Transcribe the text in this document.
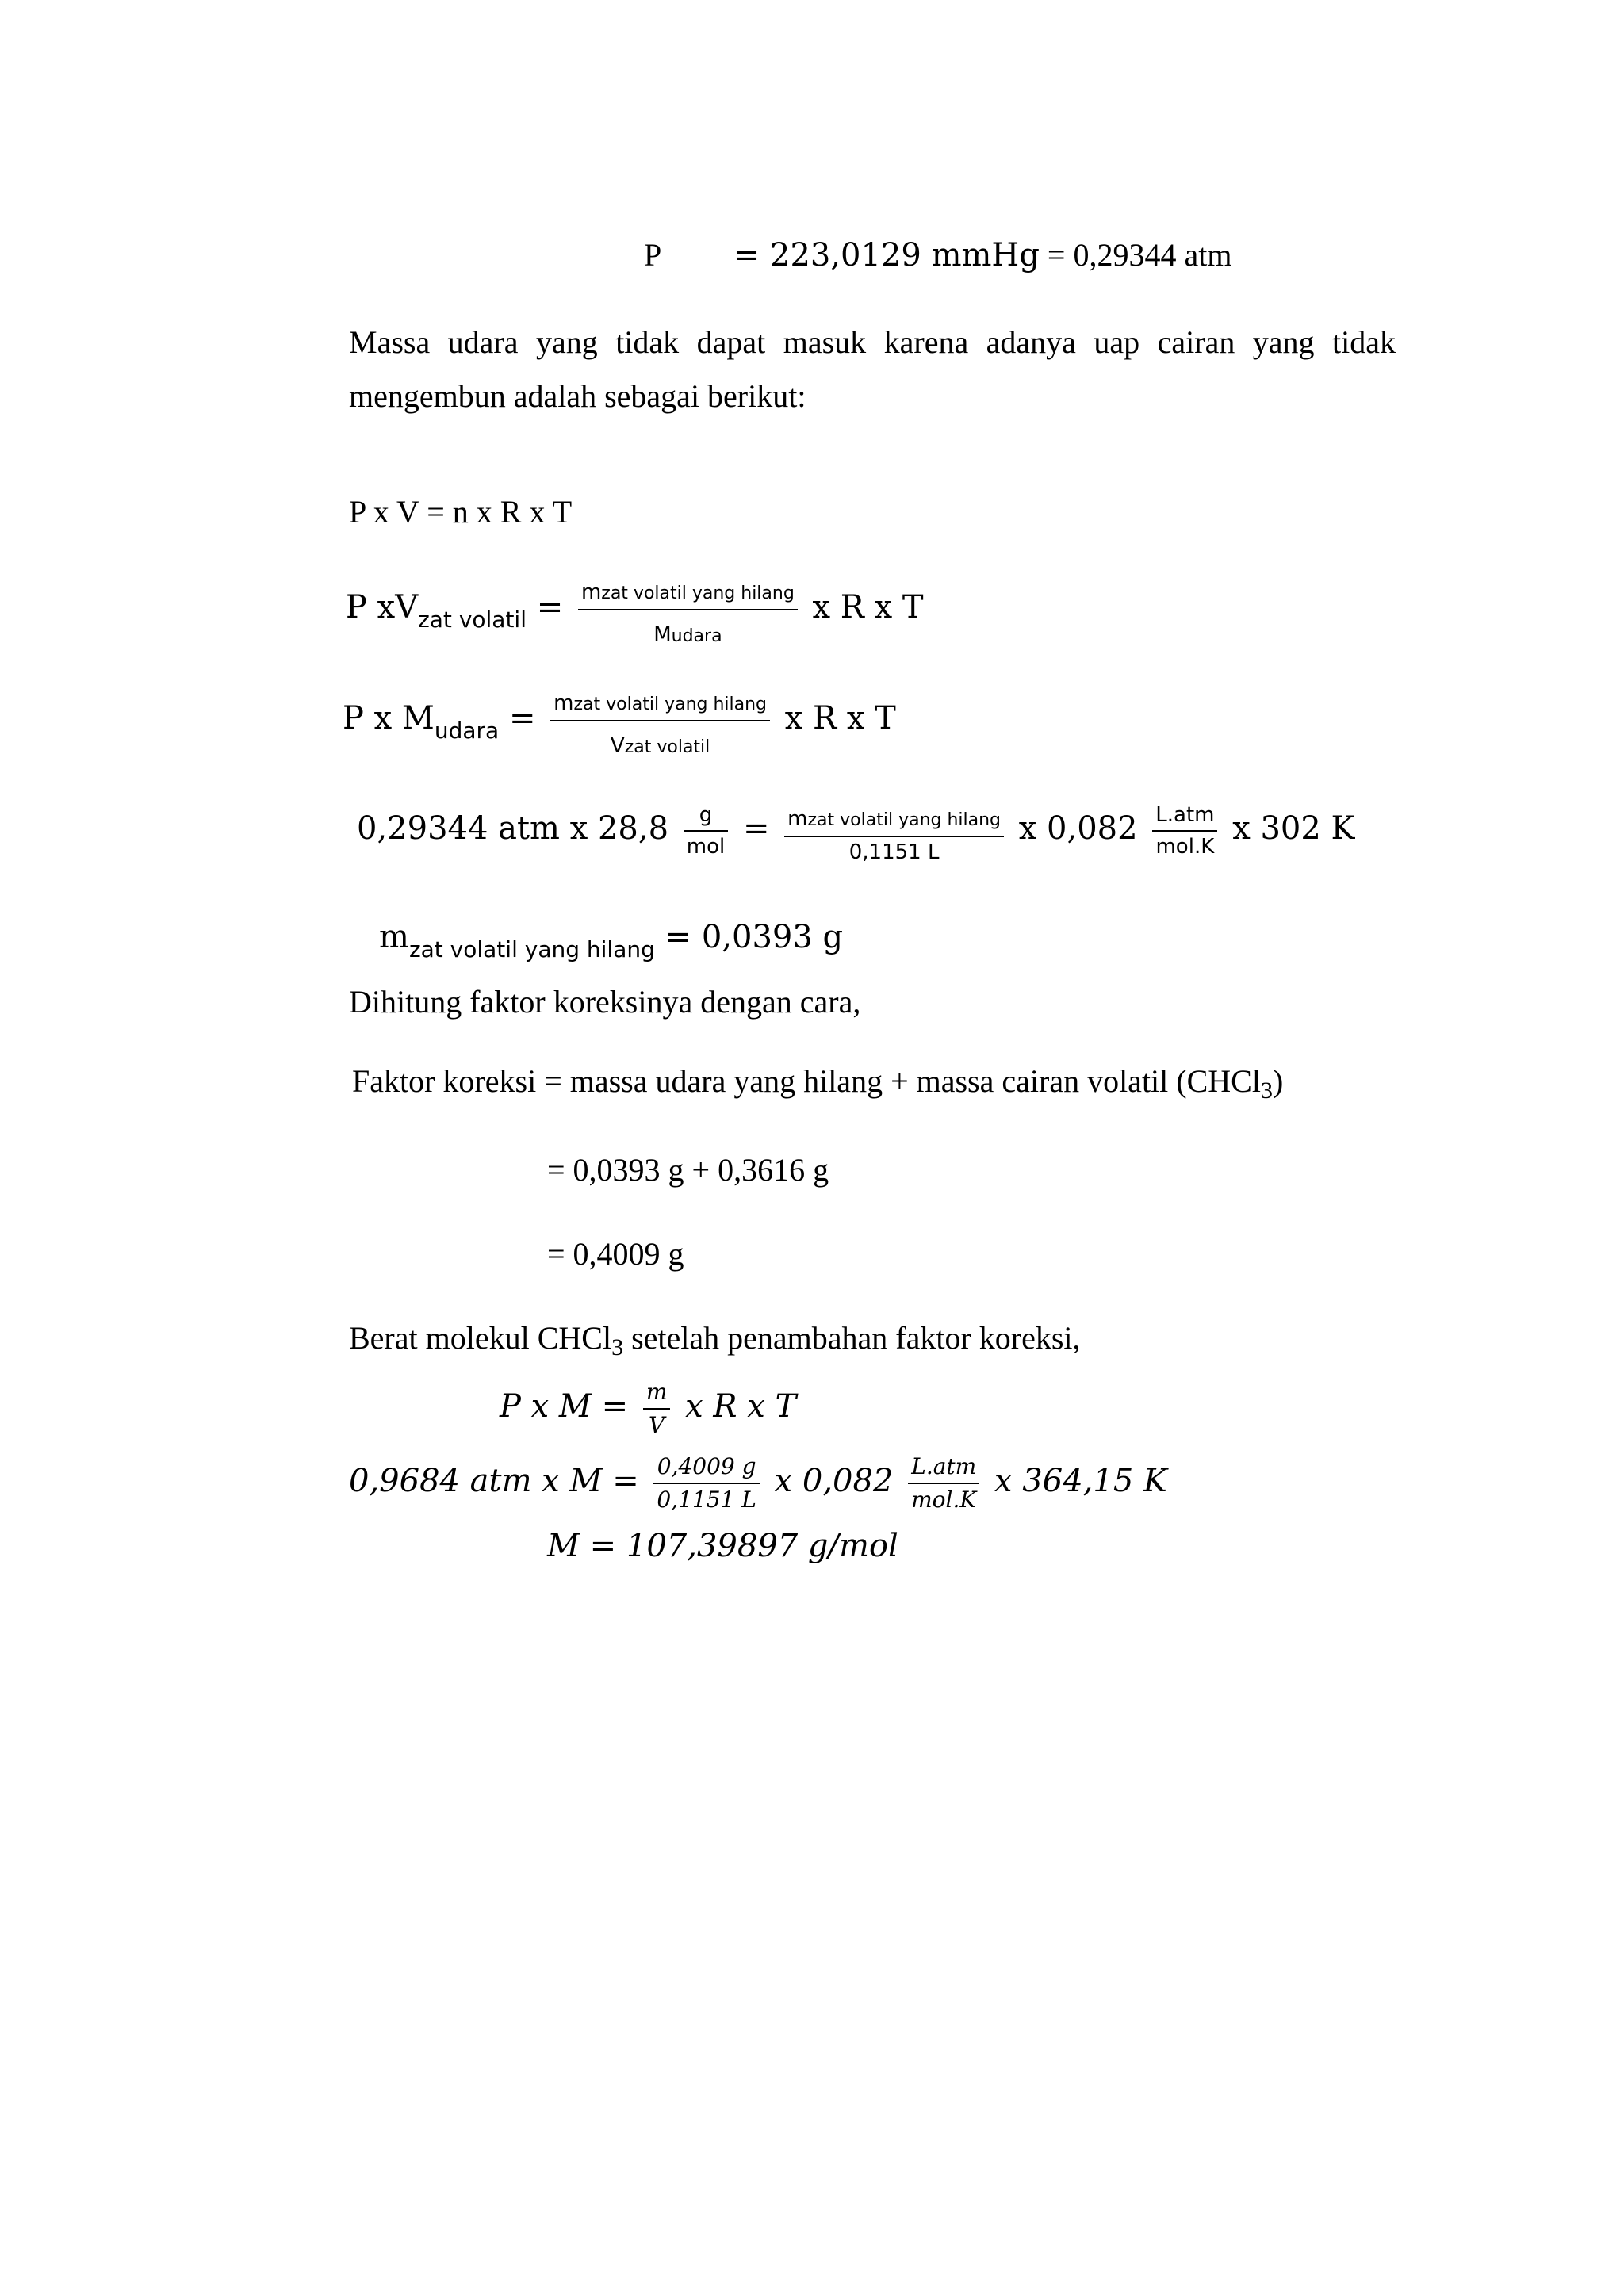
P = 223,0129 mmHg = 0,29344 atm
Massa udara yang tidak dapat masuk karena adanya uap cairan yang tidak mengembun adalah sebagai berikut:
P x V = n x R x T
P $xV_{zat volatil} = \frac{\text{mzat volatil yang hilang}}{\text{Mudara}}$ x R x T
P x $M_{udara} = \frac{\text{mzat volatil yang hilang}}{\text{Vzat volatil}}$ x R x T
0,29344 atm x $28,8 \frac{g}{\text{mol}} = \frac{\text{mzat volatil yang hilang}}{0,1151 L}$ x $0,082 \frac{\text{L.atm}}{\text{mol.K}}$ x 302 K
$m_{zat volatil yang hilang} = 0,0393$ g
Dihitung faktor koreksinya dengan cara,
Faktor koreksi = massa udara yang hilang + massa cairan volatil (CHCl$_3$)
= 0,0393 g + 0,3616 g
= 0,4009 g
Berat molekul CHCl$_3$ setelah penambahan faktor koreksi,
P x $M = \frac{m}{V}$ x R x T
0,9684 atm x $M = \frac{0,4009 g}{0,1151 L}$ x $0,082 \frac{\text{L.atm}}{\text{mol.K}}$ x 364,15 K
M = 107,39897 g/mol
